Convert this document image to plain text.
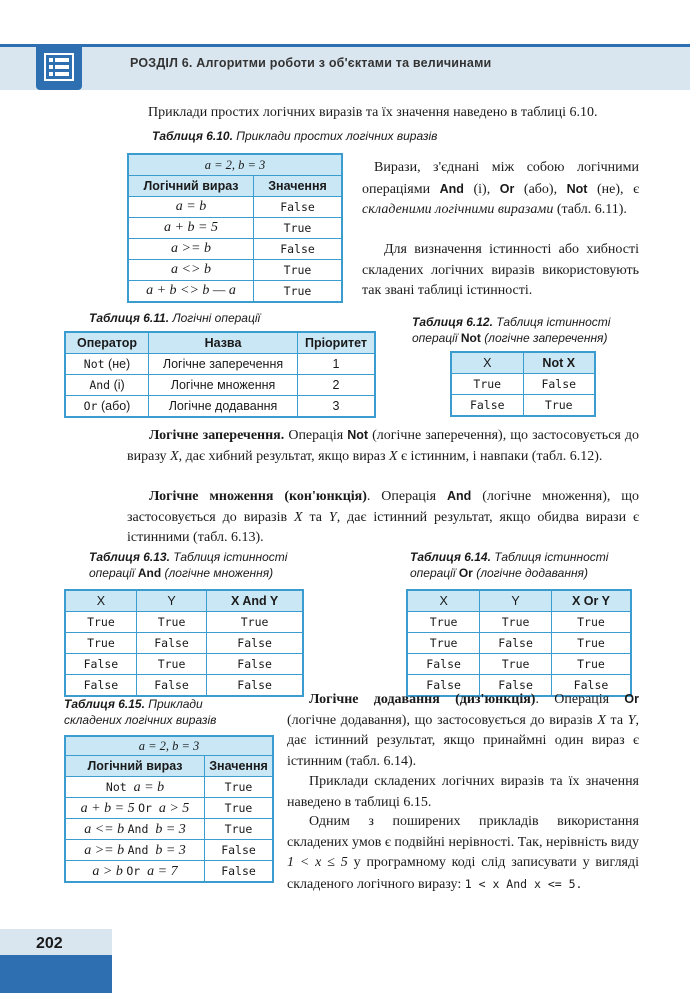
РОЗДІЛ 6. Алгоритми роботи з об'єктами та величинами
Приклади простих логічних виразів та їх значення наведено в таблиці 6.10.
Таблиця 6.10. Приклади простих логічних виразів
a = 2, b = 3	
Логічний вираз	Значення
a = b	False
a + b = 5	True
a >= b	False
a <> b	True
a + b <> b — a	True
Вирази, з'єднані між собою логічними операціями And (і), Or (або), Not (не), є складеними логічними виразами (табл. 6.11).
Для визначення істинності або хибності складених логічних виразів використовують так звані таблиці істинності.
Таблиця 6.11. Логічні операції
Оператор	Назва	Пріоритет
Not (не)	Логічне заперечення	1
And (і)	Логічне множення	2
Or (або)	Логічне додавання	3
Таблиця 6.12. Таблиця істинності
операції Not (логічне заперечення)
X	Not X
True	False
False	True
Логічне заперечення. Операція Not (логічне заперечення), що застосовується до виразу X, дає хибний результат, якщо вираз X є істинним, і навпаки (табл. 6.12).
Логічне множення (кон'юнкція). Операція And (логічне множення), що застосовується до виразів X та Y, дає істинний результат, якщо обидва вирази є істинними (табл. 6.13).
Таблиця 6.13. Таблиця істинності
операції And (логічне множення)
X	Y	X And Y
True	True	True
True	False	False
False	True	False
False	False	False
Таблиця 6.14. Таблиця істинності
операції Or (логічне додавання)
X	Y	X Or Y
True	True	True
True	False	True
False	True	True
False	False	False
Таблиця 6.15. Приклади
складених логічних виразів
a = 2, b = 3	
Логічний вираз	Значення
Not a = b	True
a + b = 5 Or a > 5	True
a <= b And b = 3	True
a >= b And b = 3	False
a > b Or a = 7	False
Логічне додавання (диз'юнкція). Операція Or (логічне додавання), що застосовується до виразів X та Y, дає істинний результат, якщо принаймні один вираз є істинним (табл. 6.14).
Приклади складених логічних виразів та їх значення наведено в таблиці 6.15.
Одним з поширених прикладів використання складених умов є подвійні нерівності. Так, нерівність виду 1 < x ≤ 5 у програмному коді слід записувати у вигляді складеного логічного виразу: 1 < x And x <= 5.
202
